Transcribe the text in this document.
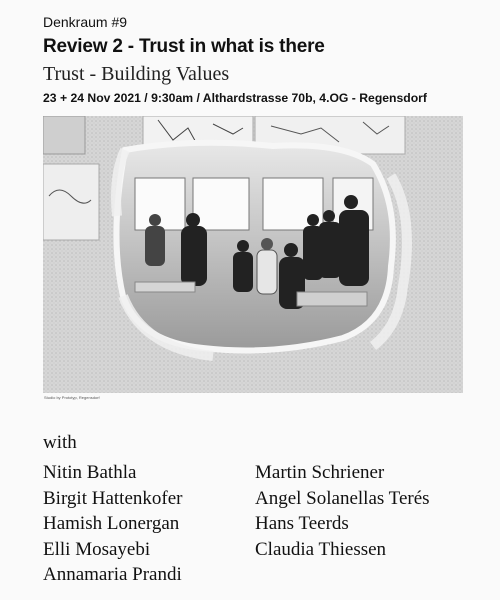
Denkraum #9
Review 2 - Trust in what is there
Trust - Building Values
23 + 24 Nov 2021 / 9:30am / Althardstrasse 70b, 4.OG - Regensdorf
Studio by Prototyp, Regensdorf
with
Nitin Bathla
Birgit Hattenkofer
Hamish Lonergan
Elli Mosayebi
Annamaria Prandi
Martin Schriener
Angel Solanellas Terés
Hans Teerds
Claudia Thiessen
